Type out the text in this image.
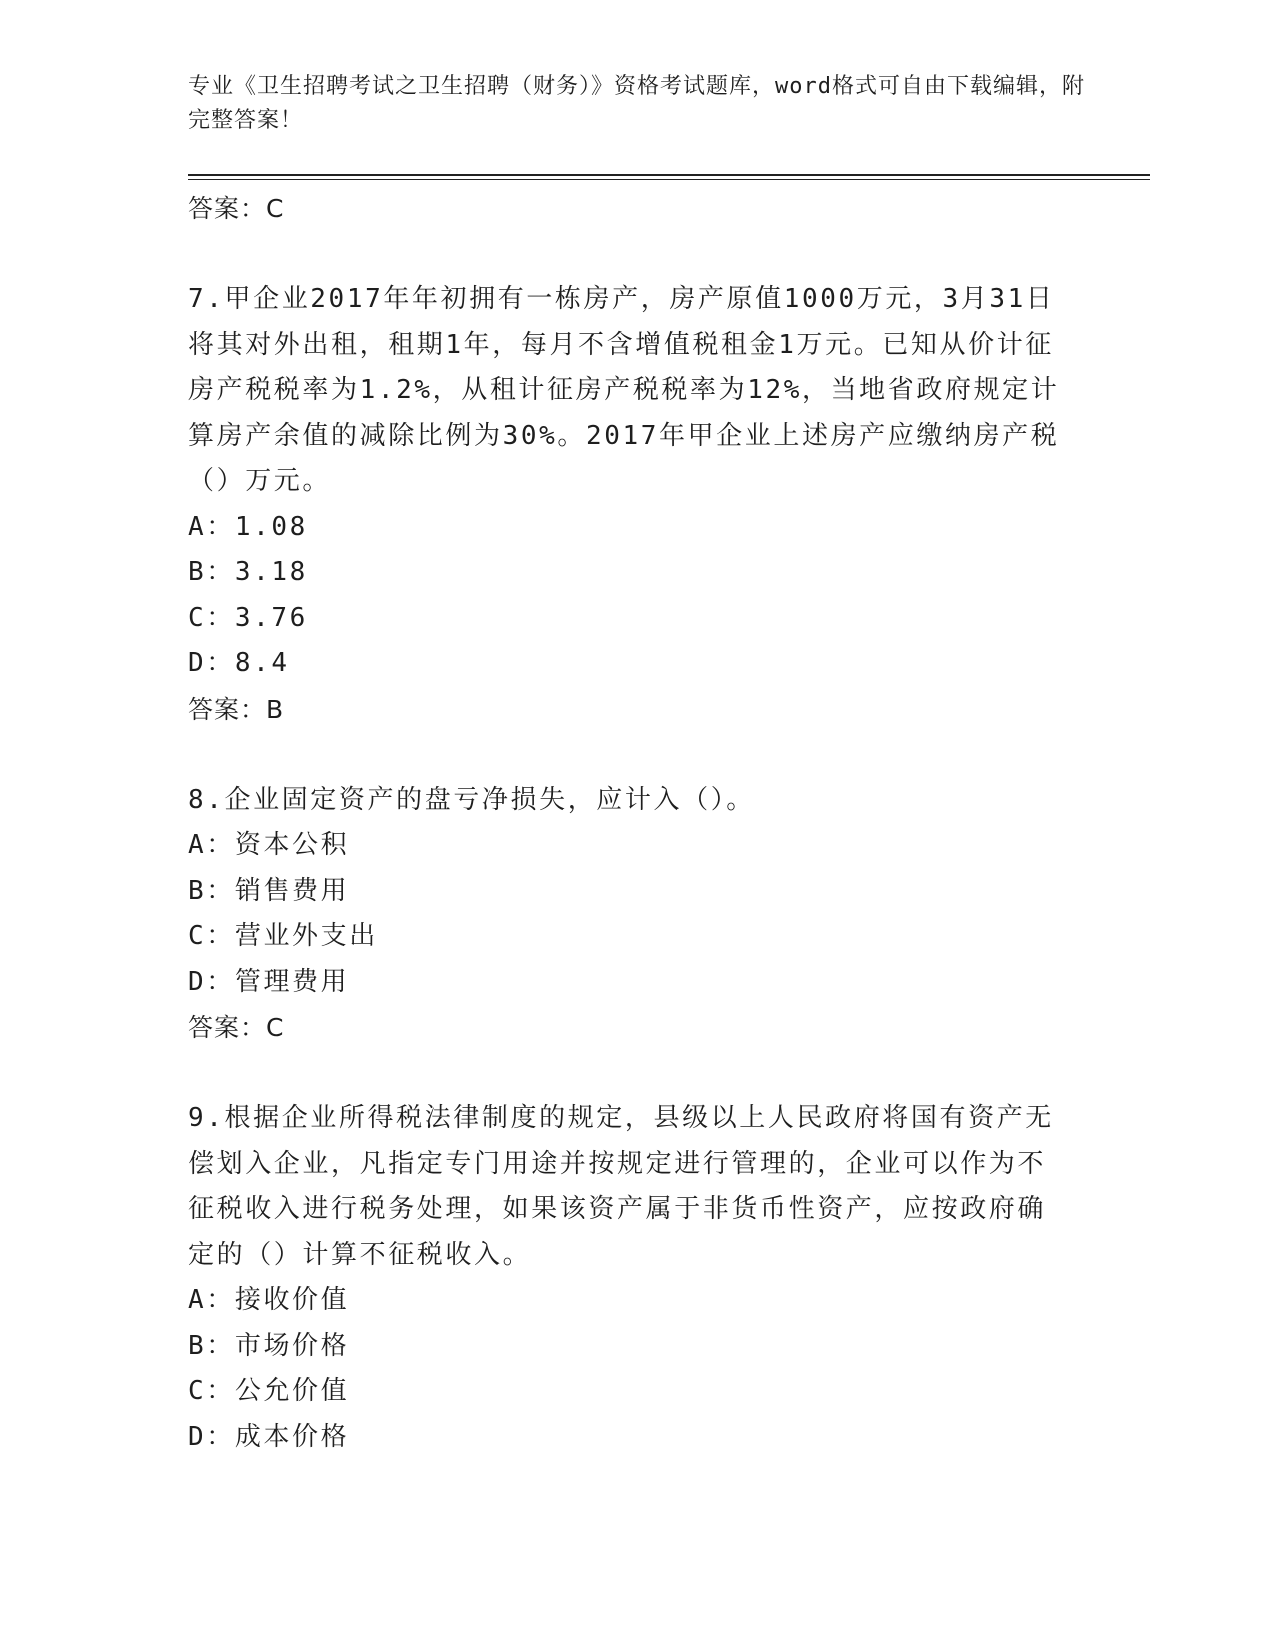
专业《卫生招聘考试之卫生招聘（财务）》资格考试题库，word格式可自由下载编辑，附完整答案！

答案：C

7.甲企业2017年年初拥有一栋房产，房产原值1000万元，3月31日将其对外出租，租期1年，每月不含增值税租金1万元。已知从价计征房产税税率为1.2%，从租计征房产税税率为12%，当地省政府规定计算房产余值的减除比例为30%。2017年甲企业上述房产应缴纳房产税（）万元。

A：1.08

B：3.18

C：3.76

D：8.4

答案：B

8.企业固定资产的盘亏净损失，应计入（）。

A：资本公积

B：销售费用

C：营业外支出

D：管理费用

答案：C

9.根据企业所得税法律制度的规定，县级以上人民政府将国有资产无偿划入企业，凡指定专门用途并按规定进行管理的，企业可以作为不征税收入进行税务处理，如果该资产属于非货币性资产，应按政府确定的（）计算不征税收入。

A：接收价值

B：市场价格

C：公允价值

D：成本价格
